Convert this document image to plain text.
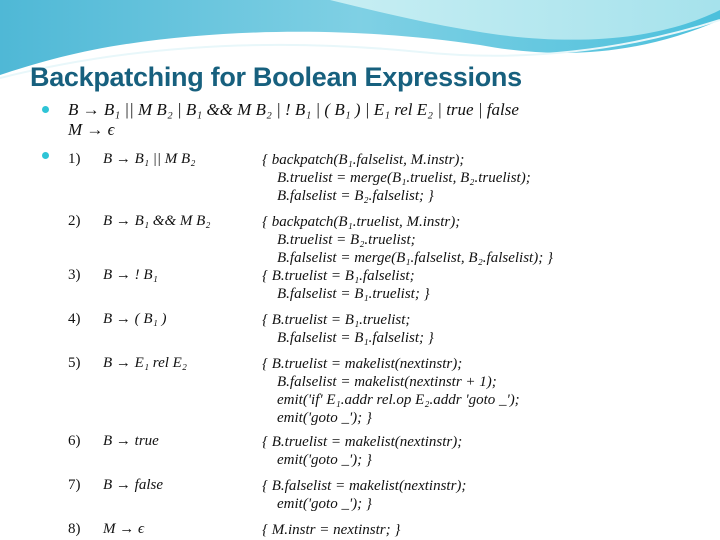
Backpatching for Boolean Expressions
B → B₁ || M B₂ | B₁ && M B₂ | ! B₁ | ( B₁ ) | E₁ rel E₂ | true | false
M → ϵ
1) B → B₁ || M B₂	{ backpatch(B₁.falselist, M.instr);
B.truelist = merge(B₁.truelist, B₂.truelist);
B.falselist = B₂.falselist; }
2) B → B₁ && M B₂	{ backpatch(B₁.truelist, M.instr);
B.truelist = B₂.truelist;
B.falselist = merge(B₁.falselist, B₂.falselist); }
3) B → ! B₁	{ B.truelist = B₁.falselist;
B.falselist = B₁.truelist; }
4) B → ( B₁ )	{ B.truelist = B₁.truelist;
B.falselist = B₁.falselist; }
5) B → E₁ rel E₂	{ B.truelist = makelist(nextinstr);
B.falselist = makelist(nextinstr + 1);
emit('if' E₁.addr rel.op E₂.addr 'goto _');
emit('goto _'); }
6) B → true	{ B.truelist = makelist(nextinstr);
emit('goto _'); }
7) B → false	{ B.falselist = makelist(nextinstr);
emit('goto _'); }
8) M → ϵ	{ M.instr = nextinstr; }
